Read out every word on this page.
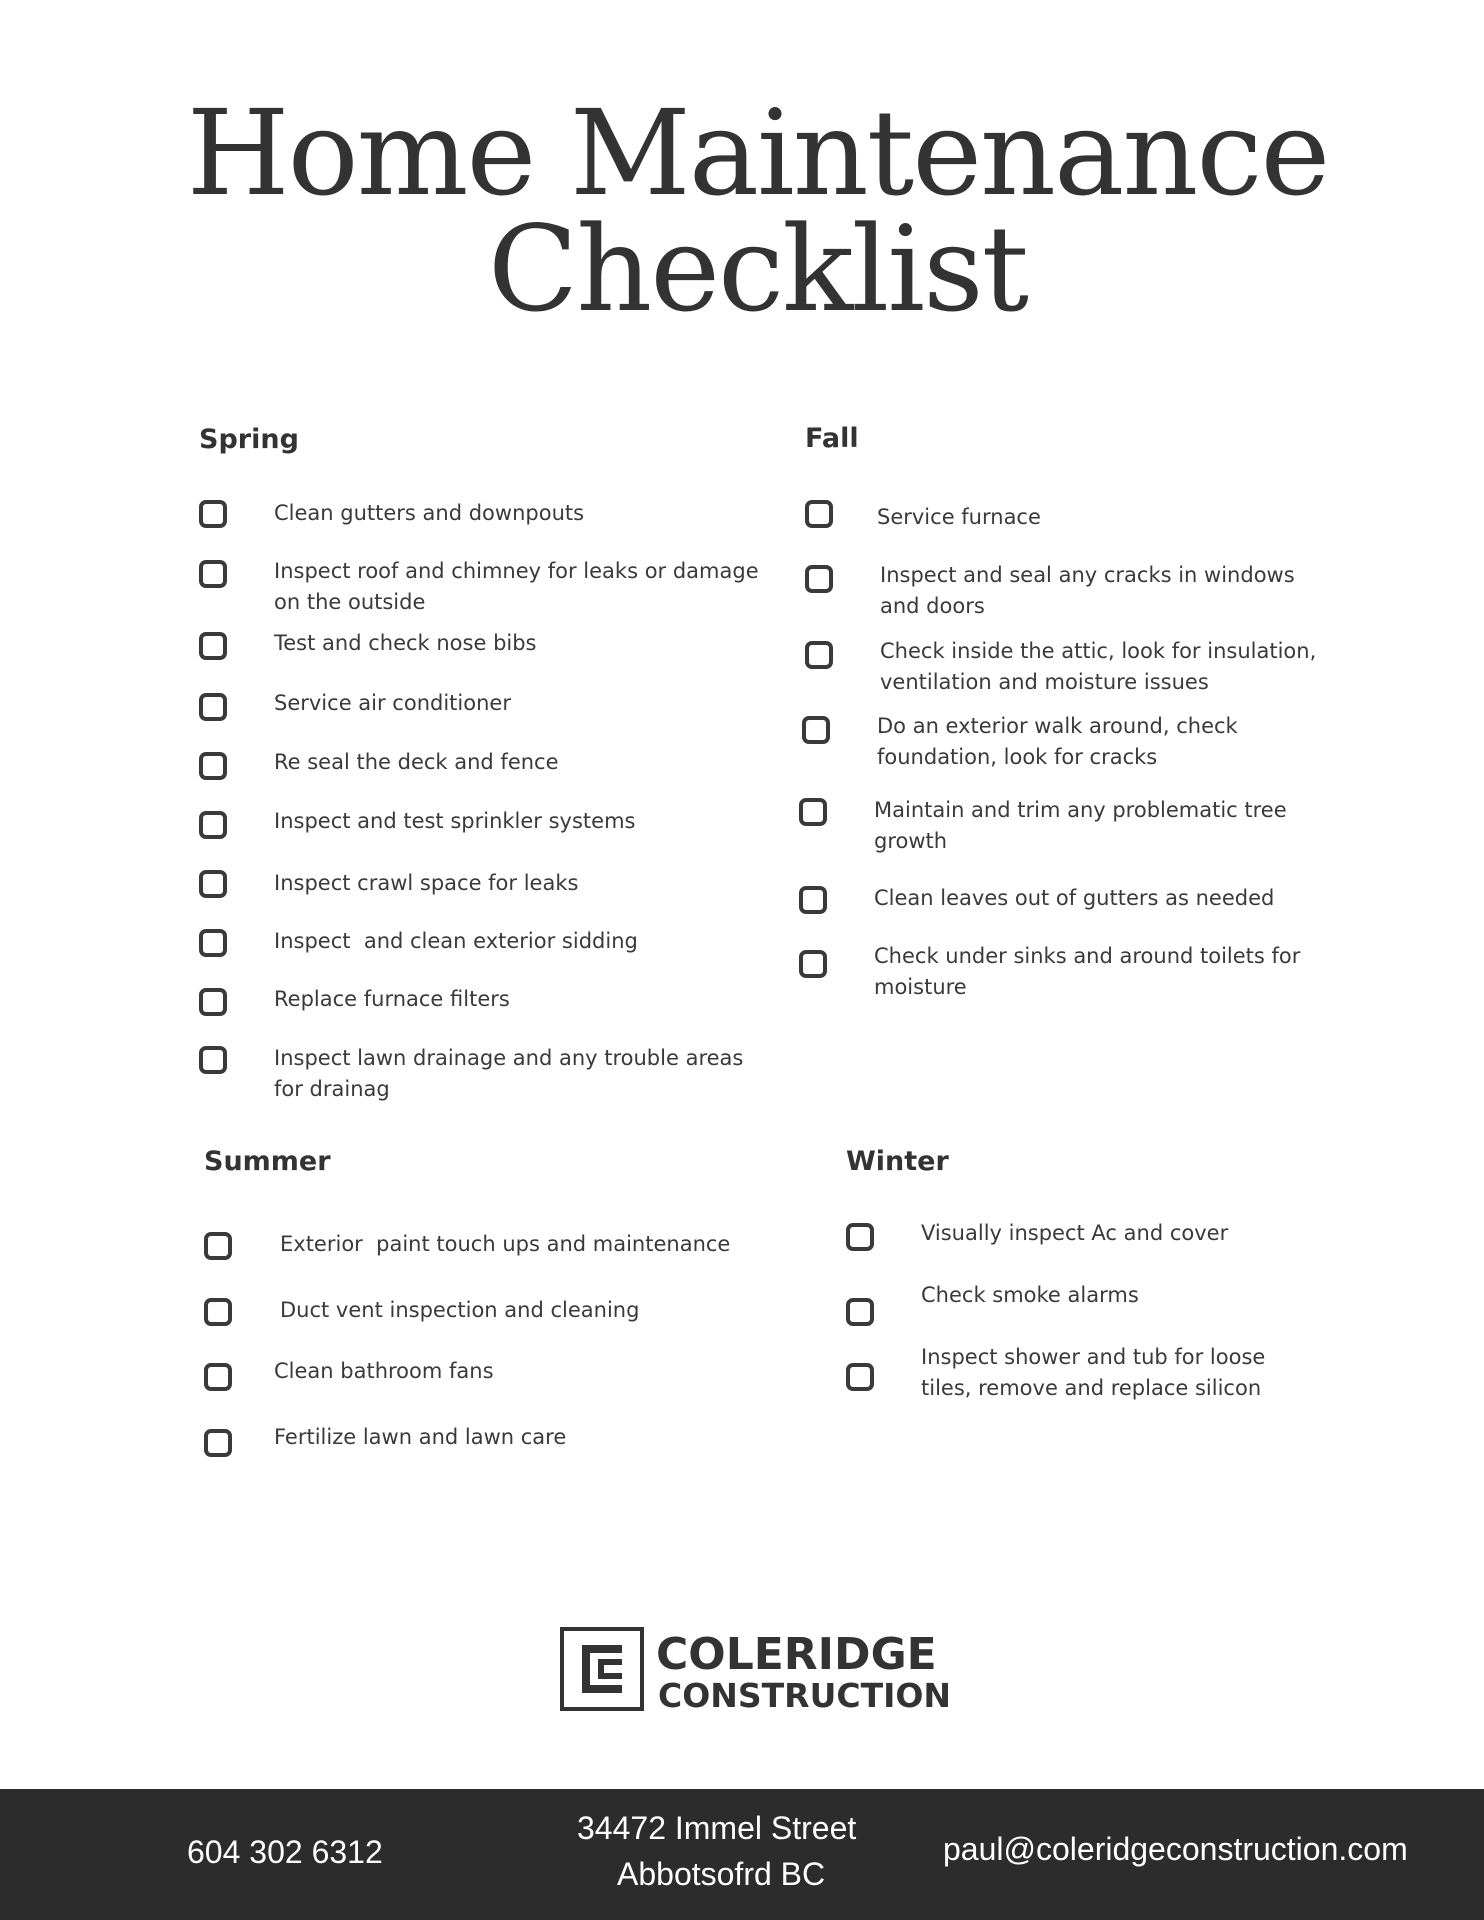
Home Maintenance
Checklist
Spring
Clean gutters and downpouts
Inspect roof and chimney for leaks or damage
on the outside
Test and check nose bibs
Service air conditioner
Re seal the deck and fence
Inspect and test sprinkler systems
Inspect crawl space for leaks
Inspect  and clean exterior sidding
Replace furnace filters
Inspect lawn drainage and any trouble areas
for drainag
Fall
Service furnace
Inspect and seal any cracks in windows
and doors
Check inside the attic, look for insulation,
ventilation and moisture issues
Do an exterior walk around, check
foundation, look for cracks
Maintain and trim any problematic tree
growth
Clean leaves out of gutters as needed
Check under sinks and around toilets for
moisture
Summer
Exterior  paint touch ups and maintenance
Duct vent inspection and cleaning
Clean bathroom fans
Fertilize lawn and lawn care
Winter
Visually inspect Ac and cover
Check smoke alarms
Inspect shower and tub for loose
tiles, remove and replace silicon
COLERIDGE
CONSTRUCTION
604 302 6312
34472 Immel Street
Abbotsofrd BC
paul@coleridgeconstruction.com
